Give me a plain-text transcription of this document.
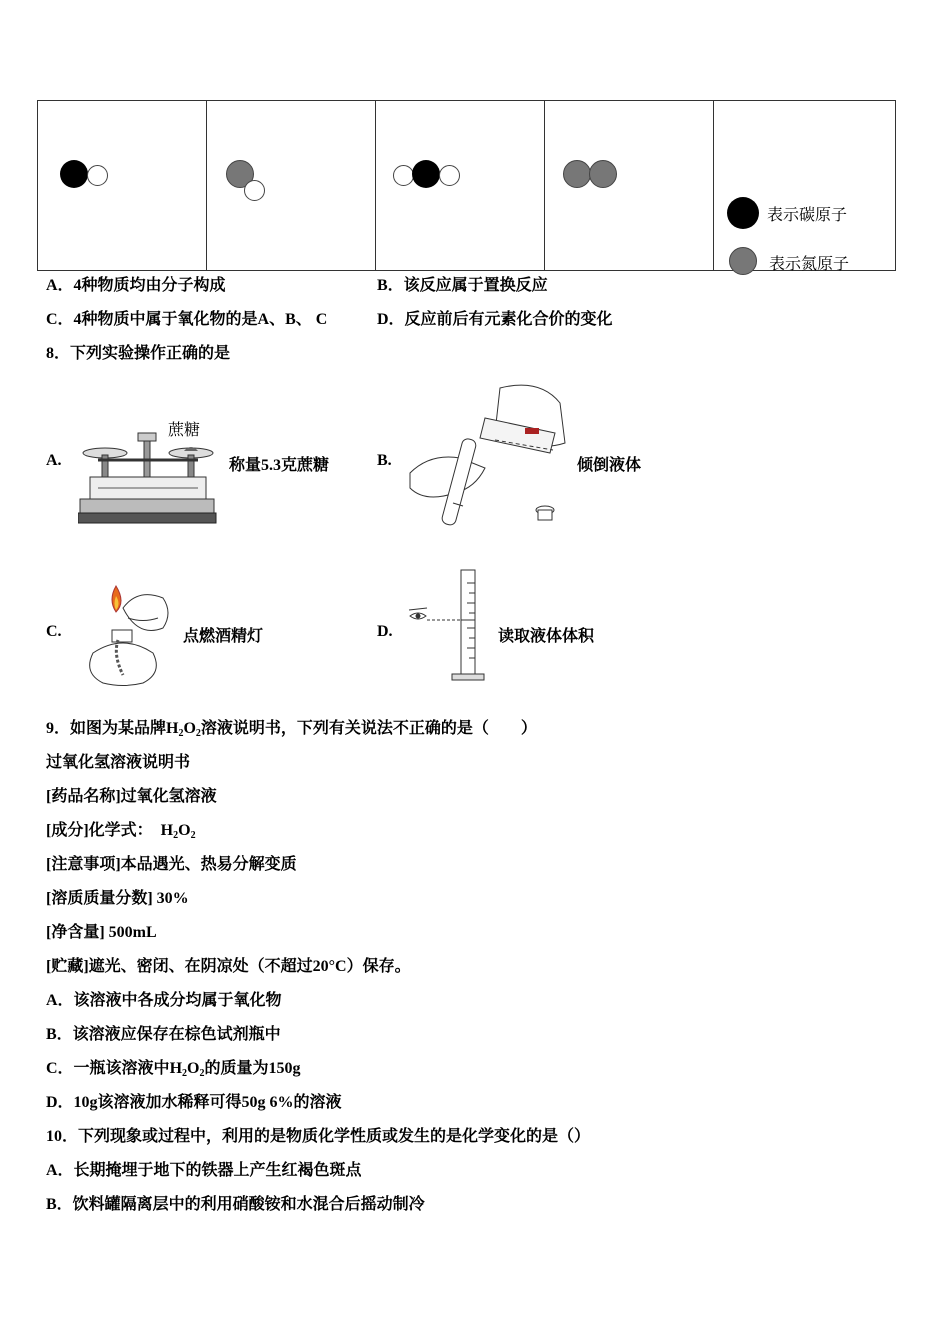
表示碳原子
表示氮原子
A．4种物质均由分子构成	B．该反应属于置换反应
C．4种物质中属于氧化物的是A、B、 C	D．反应前后有元素化合价的变化
8．下列实验操作正确的是
A.
蔗糖
称量5.3克蔗糖	B.	倾倒液体
C.	点燃酒精灯	D.	读取液体体积
9．如图为某品牌$H_2O_2$溶液说明书，下列有关说法不正确的是（　　）
过氧化氢溶液说明书
[药品名称]过氧化氢溶液
[成分]化学式： $H_2O_2$
[注意事项]本品遇光、热易分解变质
[溶质质量分数] 30%
[净含量] 500mL
[贮藏]遮光、密闭、在阴凉处（不超过20°C）保存。
A．该溶液中各成分均属于氧化物
B．该溶液应保存在棕色试剂瓶中
C．一瓶该溶液中$H_2O_2$的质量为150g
D．10g该溶液加水稀释可得50g 6%的溶液
10．下列现象或过程中，利用的是物质化学性质或发生的是化学变化的是（）
A．长期掩埋于地下的铁器上产生红褐色斑点
B．饮料罐隔离层中的利用硝酸铵和水混合后摇动制冷
